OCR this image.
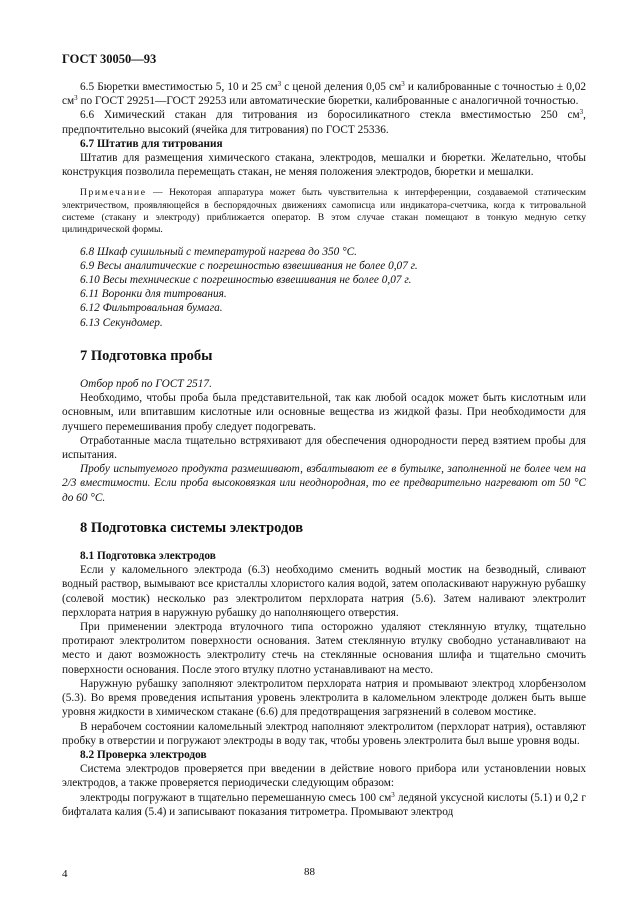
ГОСТ 30050—93

6.5 Бюретки вместимостью 5, 10 и 25 $см^3$ с ценой деления 0,05 $см^3$ и калиброванные с точностью ± 0,02 $см^3$ по ГОСТ 29251—ГОСТ 29253 или автоматические бюретки, калиброванные с аналогичной точностью.

6.6 Химический стакан для титрования из боросиликатного стекла вместимостью 250 $см^3$, предпочтительно высокий (ячейка для титрования) по ГОСТ 25336.

6.7 Штатив для титрования

Штатив для размещения химического стакана, электродов, мешалки и бюретки. Желательно, чтобы конструкция позволила перемещать стакан, не меняя положения электродов, бюретки и мешалки.

Примечание — Некоторая аппаратура может быть чувствительна к интерференции, создаваемой статическим электричеством, проявляющейся в беспорядочных движениях самописца или индикатора-счетчика, когда к титровальной системе (стакану и электроду) приближается оператор. В этом случае стакан помещают в тонкую медную сетку цилиндрической формы.

6.8 Шкаф сушильный с температурой нагрева до 350 °С.

6.9 Весы аналитические с погрешностью взвешивания не более 0,07 г.

6.10 Весы технические с погрешностью взвешивания не более 0,07 г.

6.11 Воронки для титрования.

6.12 Фильтровальная бумага.

6.13 Секундомер.

7 Подготовка пробы

Отбор проб по ГОСТ 2517.

Необходимо, чтобы проба была представительной, так как любой осадок может быть кислотным или основным, или впитавшим кислотные или основные вещества из жидкой фазы. При необходимости для лучшего перемешивания пробу следует подогревать.

Отработанные масла тщательно встряхивают для обеспечения однородности перед взятием пробы для испытания.

Пробу испытуемого продукта размешивают, взбалтывают ее в бутылке, заполненной не более чем на 2/3 вместимости. Если проба высоковязкая или неоднородная, то ее предварительно нагревают от 50 °С до 60 °С.

8 Подготовка системы электродов

8.1 Подготовка электродов

Если у каломельного электрода (6.3) необходимо сменить водный мостик на безводный, сливают водный раствор, вымывают все кристаллы хлористого калия водой, затем ополаскивают наружную рубашку (солевой мостик) несколько раз электролитом перхлората натрия (5.6). Затем наливают электролит перхлората натрия в наружную рубашку до наполняющего отверстия.

При применении электрода втулочного типа осторожно удаляют стеклянную втулку, тщательно протирают электролитом поверхности основания. Затем стеклянную втулку свободно устанавливают на место и дают возможность электролиту стечь на стеклянные основания шлифа и тщательно смочить поверхности основания. После этого втулку плотно устанавливают на место.

Наружную рубашку заполняют электролитом перхлората натрия и промывают электрод хлорбензолом (5.3). Во время проведения испытания уровень электролита в каломельном электроде должен быть выше уровня жидкости в химическом стакане (6.6) для предотвращения загрязнений в солевом мостике.

В нерабочем состоянии каломельный электрод наполняют электролитом (перхлорат натрия), оставляют пробку в отверстии и погружают электроды в воду так, чтобы уровень электролита был выше уровня воды.

8.2 Проверка электродов

Система электродов проверяется при введении в действие нового прибора или установлении новых электродов, а также проверяется периодически следующим образом:

электроды погружают в тщательно перемешанную смесь 100 $см^3$ ледяной уксусной кислоты (5.1) и 0,2 г бифталата калия (5.4) и записывают показания титрометра. Промывают электрод

4	88
